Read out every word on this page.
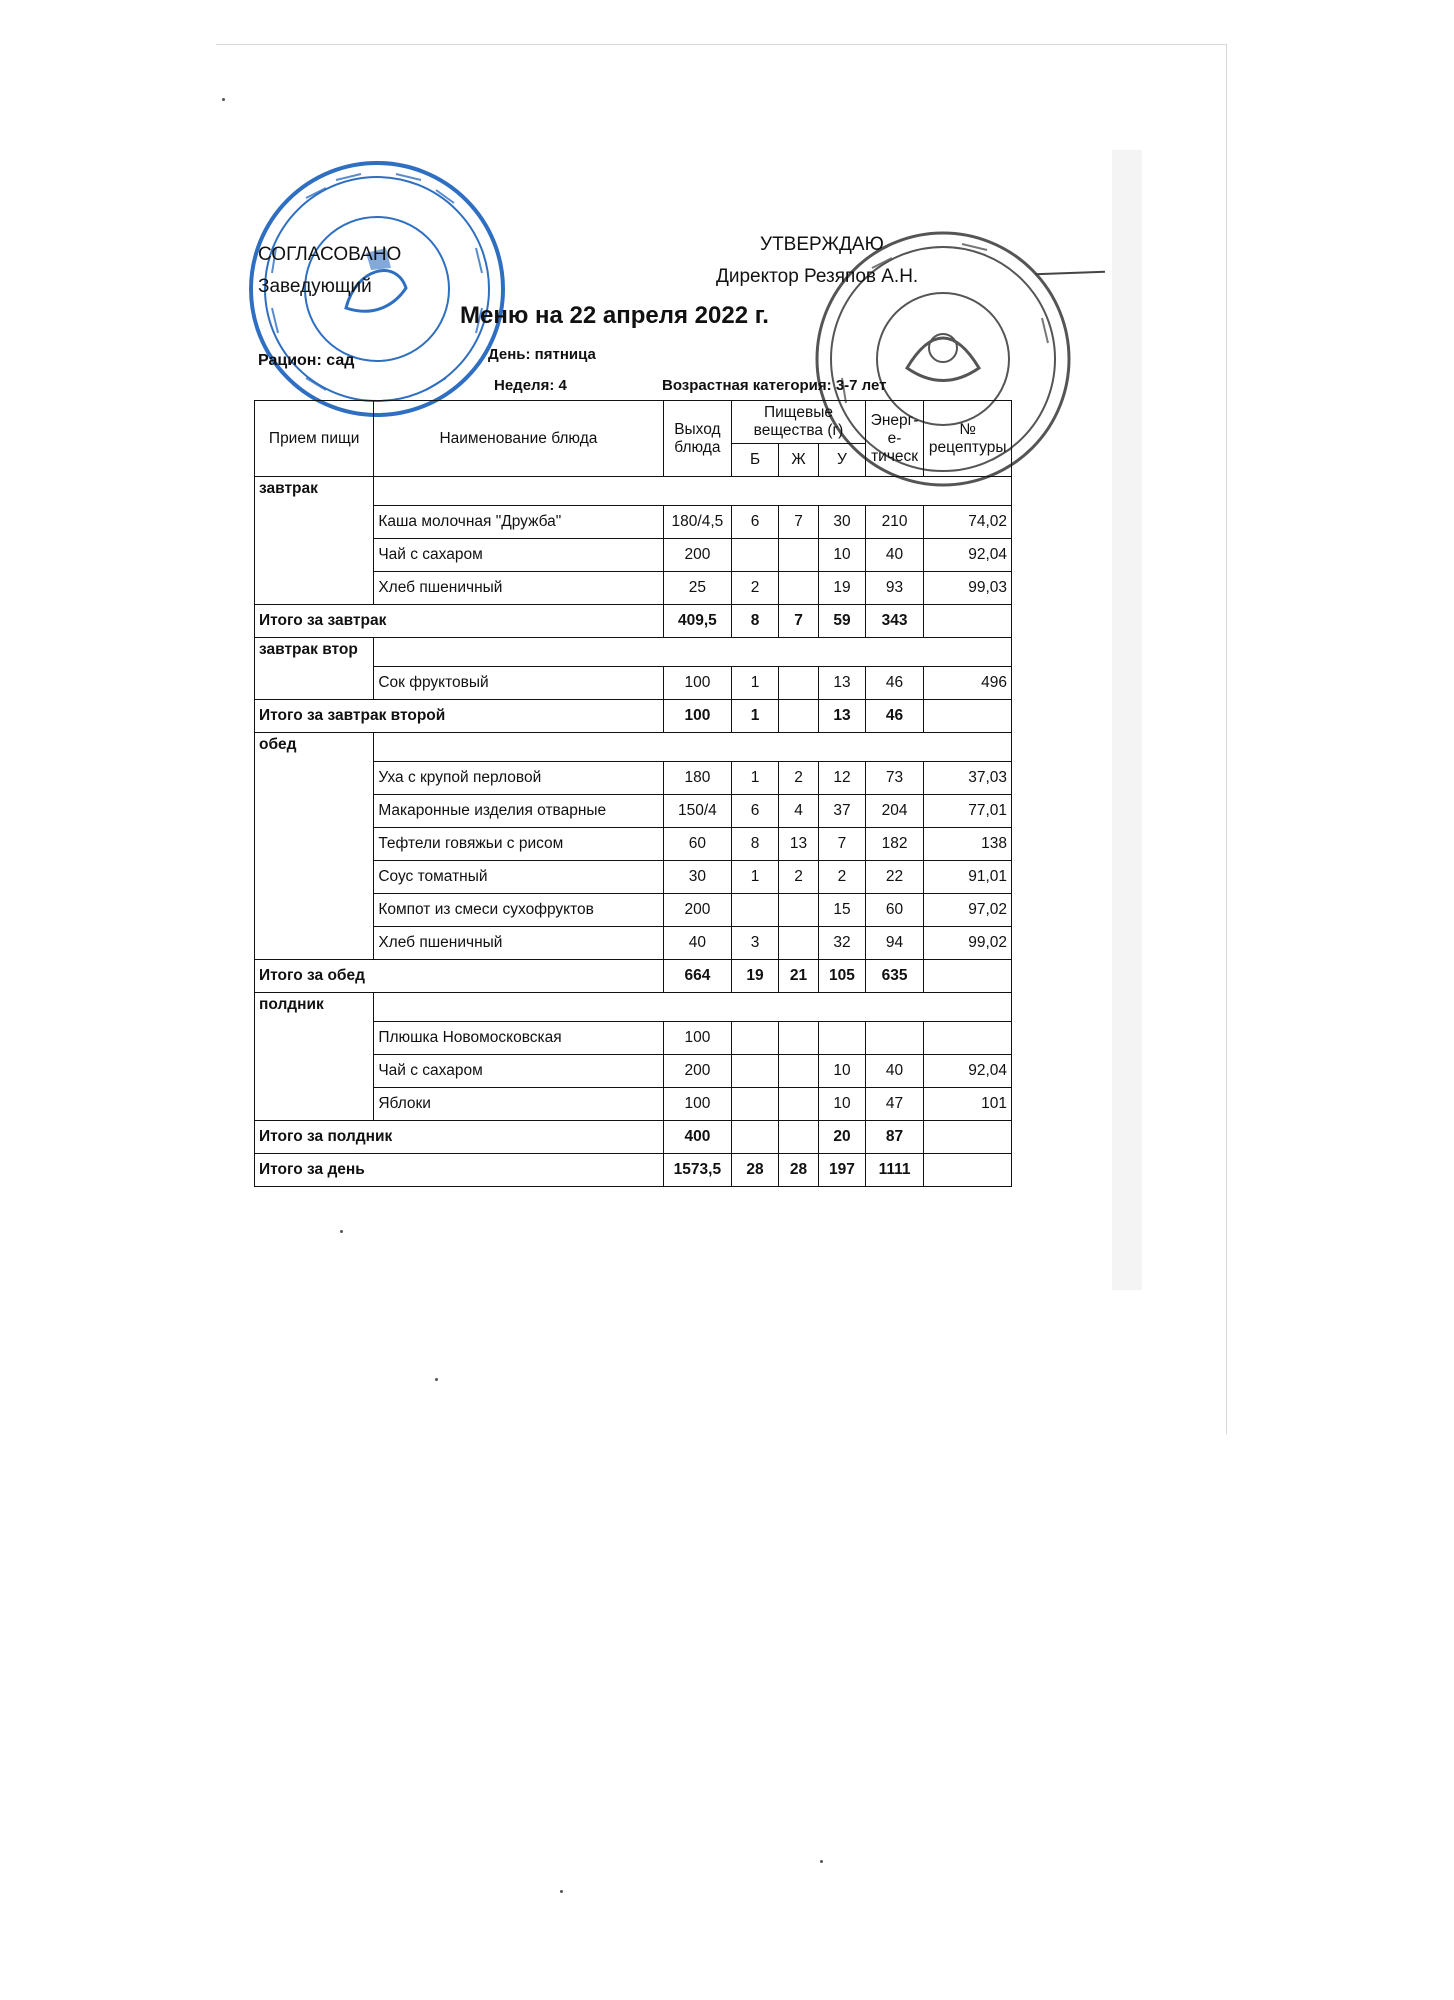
СОГЛАСОВАНО
Заведующий
УТВЕРЖДАЮ
Директор Резяпов А.Н.
Меню на 22 апреля 2022 г.
Рацион: сад	День: пятница
Неделя: 4	Возрастная категория: 3-7 лет
Прием пищи	Наименование блюда	Выход блюда	Пищевые вещества (г)			Энерг-е-тическ	№ рецептуры
			Б	Ж	У		
завтрак							
	Каша молочная "Дружба"	180/4,5	6	7	30	210	74,02
	Чай с сахаром	200			10	40	92,04
	Хлеб пшеничный	25	2		19	93	99,03
Итого за завтрак		409,5	8	7	59	343	
завтрак втор							
	Сок фруктовый	100	1		13	46	496
Итого за завтрак второй		100	1		13	46	
обед							
	Уха с крупой перловой	180	1	2	12	73	37,03
	Макаронные изделия отварные	150/4	6	4	37	204	77,01
	Тефтели говяжьи с рисом	60	8	13	7	182	138
	Соус томатный	30	1	2	2	22	91,01
	Компот из смеси сухофруктов	200			15	60	97,02
	Хлеб пшеничный	40	3		32	94	99,02
Итого за обед		664	19	21	105	635	
полдник							
	Плюшка Новомосковская	100					
	Чай с сахаром	200			10	40	92,04
	Яблоки	100			10	47	101
Итого за полдник		400			20	87	
Итого за день		1573,5	28	28	197	1111	
